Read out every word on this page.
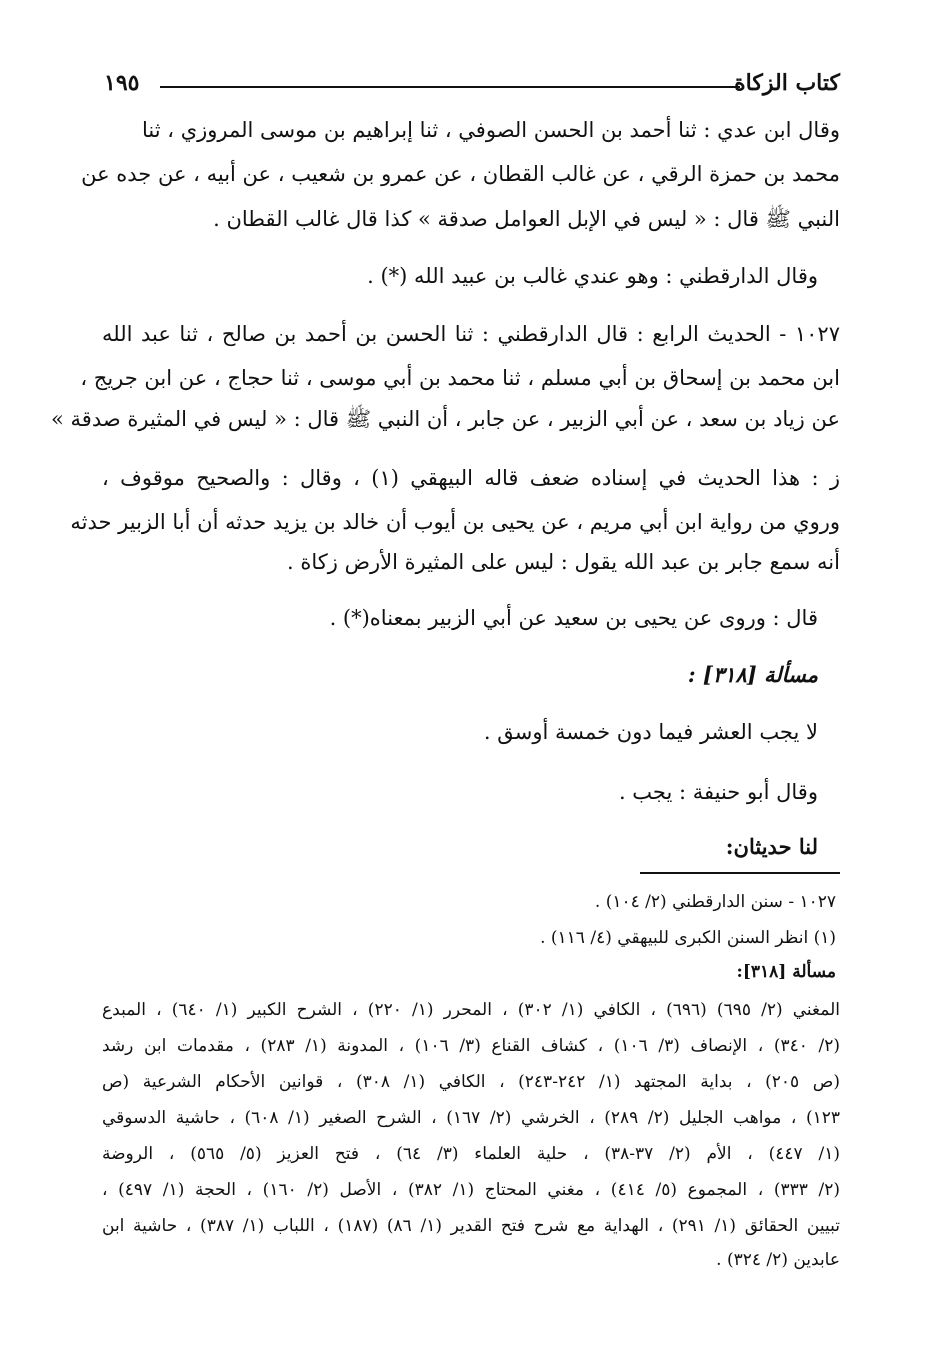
كتاب الزكاة
١٩٥
وقال ابن عدي : ثنا أحمد بن الحسن الصوفي ، ثنا إبراهيم بن موسى المروزي ، ثنا
محمد بن حمزة الرقي ، عن غالب القطان ، عن عمرو بن شعيب ، عن أبيه ، عن جده عن
النبي ﷺ قال : « ليس في الإبل العوامل صدقة » كذا قال غالب القطان .
وقال الدارقطني : وهو عندي غالب بن عبيد الله (*) .
١٠٢٧ - الحديث الرابع : قال الدارقطني : ثنا الحسن بن أحمد بن صالح ، ثنا عبد الله
ابن محمد بن إسحاق بن أبي مسلم ، ثنا محمد بن أبي موسى ، ثنا حجاج ، عن ابن جريج ،
عن زياد بن سعد ، عن أبي الزبير ، عن جابر ، أن النبي ﷺ قال : « ليس في المثيرة صدقة »
ز : هذا الحديث في إسناده ضعف قاله البيهقي (١) ، وقال : والصحيح موقوف ،
وروي من رواية ابن أبي مريم ، عن يحيى بن أيوب أن خالد بن يزيد حدثه أن أبا الزبير حدثه
أنه سمع جابر بن عبد الله يقول : ليس على المثيرة الأرض زكاة .
قال : وروى عن يحيى بن سعيد عن أبي الزبير بمعناه(*) .
مسألة [٣١٨] :
لا يجب العشر فيما دون خمسة أوسق .
وقال أبو حنيفة : يجب .
لنا حديثان:
١٠٢٧ - سنن الدارقطني (٢/ ١٠٤) .
(١) انظر السنن الكبرى للبيهقي (٤/ ١١٦) .
مسألة [٣١٨]:
المغني (٢/ ٦٩٥) (٦٩٦) ، الكافي (١/ ٣٠٢) ، المحرر (١/ ٢٢٠) ، الشرح الكبير (١/ ٦٤٠) ، المبدع
(٢/ ٣٤٠) ، الإنصاف (٣/ ١٠٦) ، كشاف القناع (٣/ ١٠٦) ، المدونة (١/ ٢٨٣) ، مقدمات ابن رشد
(ص ٢٠٥) ، بداية المجتهد (١/ ٢٤٢-٢٤٣) ، الكافي (١/ ٣٠٨) ، قوانين الأحكام الشرعية (ص
١٢٣) ، مواهب الجليل (٢/ ٢٨٩) ، الخرشي (٢/ ١٦٧) ، الشرح الصغير (١/ ٦٠٨) ، حاشية الدسوقي
(١/ ٤٤٧) ، الأم (٢/ ٣٧-٣٨) ، حلية العلماء (٣/ ٦٤) ، فتح العزيز (٥/ ٥٦٥) ، الروضة
(٢/ ٣٣٣) ، المجموع (٥/ ٤١٤) ، مغني المحتاج (١/ ٣٨٢) ، الأصل (٢/ ١٦٠) ، الحجة (١/ ٤٩٧) ،
تبيين الحقائق (١/ ٢٩١) ، الهداية مع شرح فتح القدير (١/ ٨٦) (١٨٧) ، اللباب (١/ ٣٨٧) ، حاشية ابن
عابدين (٢/ ٣٢٤) .
